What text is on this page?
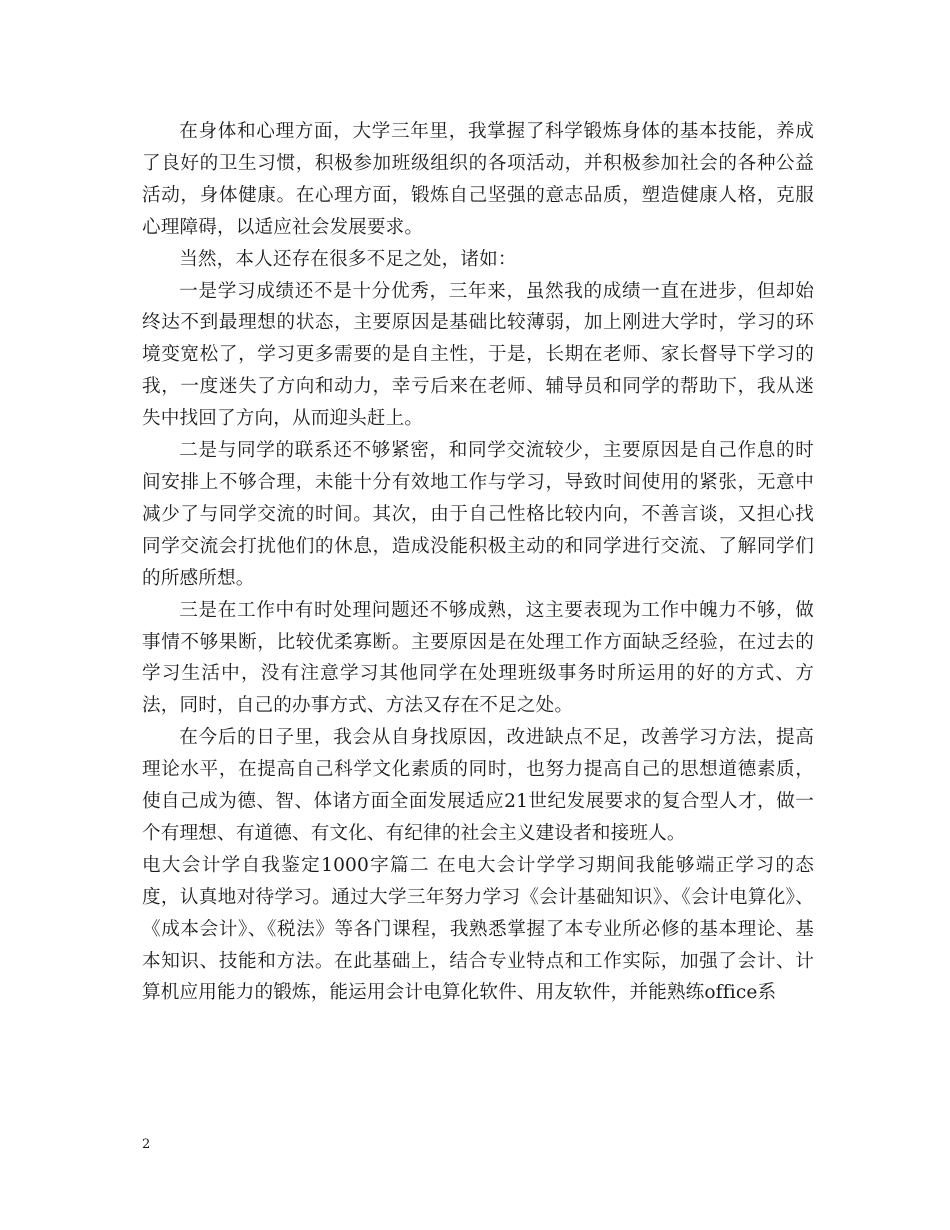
在身体和心理方面，大学三年里，我掌握了科学锻炼身体的基本技能，养成了良好的卫生习惯，积极参加班级组织的各项活动，并积极参加社会的各种公益活动，身体健康。在心理方面，锻炼自己坚强的意志品质，塑造健康人格，克服心理障碍，以适应社会发展要求。

当然，本人还存在很多不足之处，诸如：

一是学习成绩还不是十分优秀，三年来，虽然我的成绩一直在进步，但却始终达不到最理想的状态，主要原因是基础比较薄弱，加上刚进大学时，学习的环境变宽松了，学习更多需要的是自主性，于是，长期在老师、家长督导下学习的我，一度迷失了方向和动力，幸亏后来在老师、辅导员和同学的帮助下，我从迷失中找回了方向，从而迎头赶上。

二是与同学的联系还不够紧密，和同学交流较少，主要原因是自己作息的时间安排上不够合理，未能十分有效地工作与学习，导致时间使用的紧张，无意中减少了与同学交流的时间。其次，由于自己性格比较内向，不善言谈，又担心找同学交流会打扰他们的休息，造成没能积极主动的和同学进行交流、了解同学们的所感所想。

三是在工作中有时处理问题还不够成熟，这主要表现为工作中魄力不够，做事情不够果断，比较优柔寡断。主要原因是在处理工作方面缺乏经验，在过去的学习生活中，没有注意学习其他同学在处理班级事务时所运用的好的方式、方法，同时，自己的办事方式、方法又存在不足之处。

在今后的日子里，我会从自身找原因，改进缺点不足，改善学习方法，提高理论水平，在提高自己科学文化素质的同时，也努力提高自己的思想道德素质，使自己成为德、智、体诸方面全面发展适应21世纪发展要求的复合型人才，做一个有理想、有道德、有文化、有纪律的社会主义建设者和接班人。

电大会计学自我鉴定1000字篇二 在电大会计学学习期间我能够端正学习的态度，认真地对待学习。通过大学三年努力学习《会计基础知识》、《会计电算化》、《成本会计》、《税法》等各门课程，我熟悉掌握了本专业所必修的基本理论、基本知识、技能和方法。在此基础上，结合专业特点和工作实际，加强了会计、计算机应用能力的锻炼，能运用会计电算化软件、用友软件，并能熟练office系

2
